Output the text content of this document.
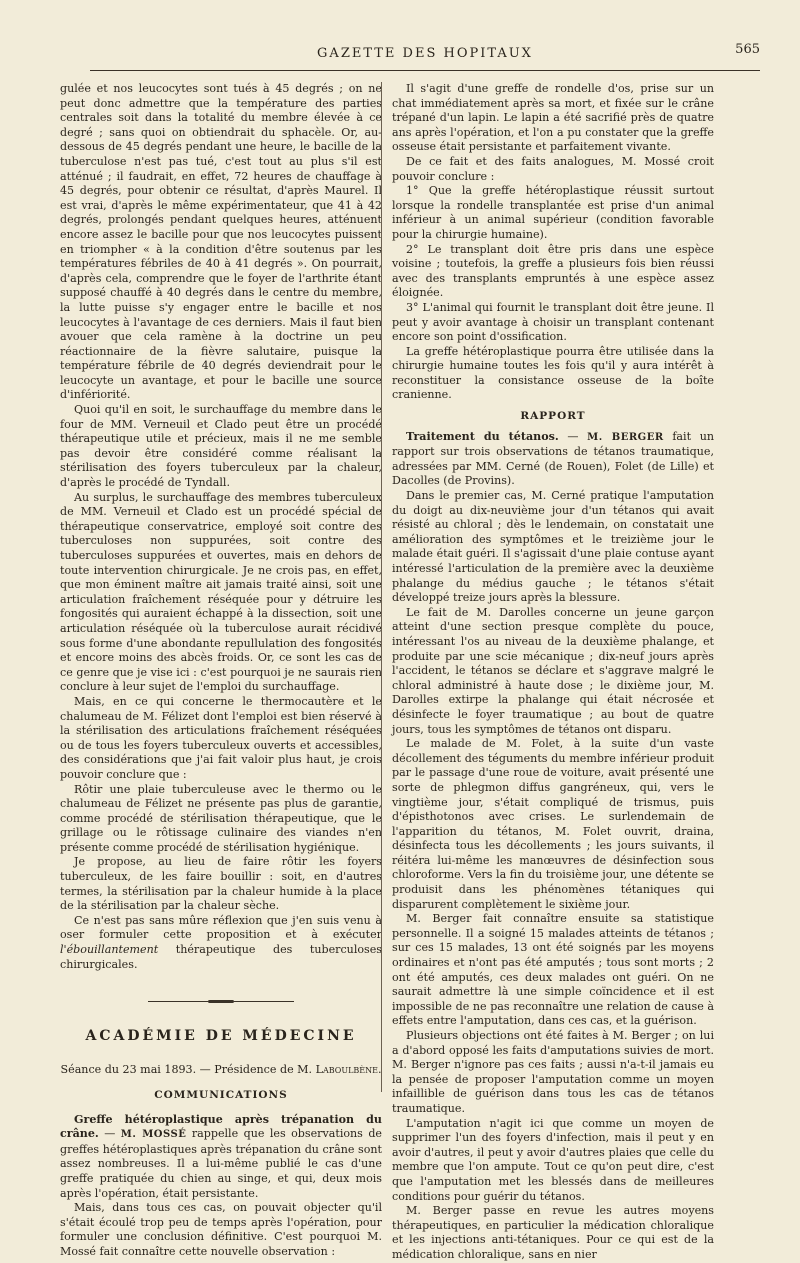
GAZETTE DES HOPITAUX	565

gulée et nos leucocytes sont tués à 45 degrés ; on ne peut donc admettre que la température des parties centrales soit dans la totalité du membre élevée à ce degré ; sans quoi on obtiendrait du sphacèle. Or, au-dessous de 45 degrés pendant une heure, le bacille de la tuberculose n'est pas tué, c'est tout au plus s'il est atténué ; il faudrait, en effet, 72 heures de chauffage à 45 degrés, pour obtenir ce résultat, d'après Maurel. Il est vrai, d'après le même expérimentateur, que 41 à 42 degrés, prolongés pendant quelques heures, atténuent encore assez le bacille pour que nos leucocytes puissent en triompher « à la condition d'être soutenus par les températures fébriles de 40 à 41 degrés ». On pourrait, d'après cela, comprendre que le foyer de l'arthrite étant supposé chauffé à 40 degrés dans le centre du membre, la lutte puisse s'y engager entre le bacille et nos leucocytes à l'avantage de ces derniers. Mais il faut bien avouer que cela ramène à la doctrine un peu réactionnaire de la fièvre salutaire, puisque la température fébrile de 40 degrés deviendrait pour le leucocyte un avantage, et pour le bacille une source d'infériorité.

Quoi qu'il en soit, le surchauffage du membre dans le four de MM. Verneuil et Clado peut être un procédé thérapeutique utile et précieux, mais il ne me semble pas devoir être considéré comme réalisant la stérilisation des foyers tuberculeux par la chaleur, d'après le procédé de Tyndall.

Au surplus, le surchauffage des membres tuberculeux de MM. Verneuil et Clado est un procédé spécial de thérapeutique conservatrice, employé soit contre des tuberculoses non suppurées, soit contre des tuberculoses suppurées et ouvertes, mais en dehors de toute intervention chirurgicale. Je ne crois pas, en effet, que mon éminent maître ait jamais traité ainsi, soit une articulation fraîchement réséquée pour y détruire les fongosités qui auraient échappé à la dissection, soit une articulation réséquée où la tuberculose aurait récidivé sous forme d'une abondante repullulation des fongosités et encore moins des abcès froids. Or, ce sont les cas de ce genre que je vise ici : c'est pourquoi je ne saurais rien conclure à leur sujet de l'emploi du surchauffage.

Mais, en ce qui concerne le thermocautère et le chalumeau de M. Félizet dont l'emploi est bien réservé à la stérilisation des articulations fraîchement réséquées ou de tous les foyers tuberculeux ouverts et accessibles, des considérations que j'ai fait valoir plus haut, je crois pouvoir conclure que :

Rôtir une plaie tuberculeuse avec le thermo ou le chalumeau de Félizet ne présente pas plus de garantie, comme procédé de stérilisation thérapeutique, que le grillage ou le rôtissage culinaire des viandes n'en présente comme procédé de stérilisation hygiénique.

Je propose, au lieu de faire rôtir les foyers tuberculeux, de les faire bouillir : soit, en d'autres termes, la stérilisation par la chaleur humide à la place de la stérilisation par la chaleur sèche.

Ce n'est pas sans mûre réflexion que j'en suis venu à oser formuler cette proposition et à exécuter l'ébouillantement thérapeutique des tuberculoses chirurgicales.

ACADÉMIE DE MÉDECINE

Séance du 23 mai 1893. — Présidence de M. Laboulbène.

COMMUNICATIONS

Greffe hétéroplastique après trépanation du crâne. — M. MOSSÉ rappelle que les observations de greffes hétéroplastiques après trépanation du crâne sont assez nombreuses. Il a lui-même publié le cas d'une greffe pratiquée du chien au singe, et qui, deux mois après l'opération, était persistante.

Mais, dans tous ces cas, on pouvait objecter qu'il s'était écoulé trop peu de temps après l'opération, pour formuler une conclusion définitive. C'est pourquoi M. Mossé fait connaître cette nouvelle observation :

Il s'agit d'une greffe de rondelle d'os, prise sur un chat immédiatement après sa mort, et fixée sur le crâne trépané d'un lapin. Le lapin a été sacrifié près de quatre ans après l'opération, et l'on a pu constater que la greffe osseuse était persistante et parfaitement vivante.

De ce fait et des faits analogues, M. Mossé croit pouvoir conclure :

1° Que la greffe hétéroplastique réussit surtout lorsque la rondelle transplantée est prise d'un animal inférieur à un animal supérieur (condition favorable pour la chirurgie humaine).

2° Le transplant doit être pris dans une espèce voisine ; toutefois, la greffe a plusieurs fois bien réussi avec des transplants empruntés à une espèce assez éloignée.

3° L'animal qui fournit le transplant doit être jeune. Il peut y avoir avantage à choisir un transplant contenant encore son point d'ossification.

La greffe hétéroplastique pourra être utilisée dans la chirurgie humaine toutes les fois qu'il y aura intérêt à reconstituer la consistance osseuse de la boîte cranienne.

RAPPORT

Traitement du tétanos. — M. BERGER fait un rapport sur trois observations de tétanos traumatique, adressées par MM. Cerné (de Rouen), Folet (de Lille) et Dacolles (de Provins).

Dans le premier cas, M. Cerné pratique l'amputation du doigt au dix-neuvième jour d'un tétanos qui avait résisté au chloral ; dès le lendemain, on constatait une amélioration des symptômes et le treizième jour le malade était guéri. Il s'agissait d'une plaie contuse ayant intéressé l'articulation de la première avec la deuxième phalange du médius gauche ; le tétanos s'était développé treize jours après la blessure.

Le fait de M. Darolles concerne un jeune garçon atteint d'une section presque complète du pouce, intéressant l'os au niveau de la deuxième phalange, et produite par une scie mécanique ; dix-neuf jours après l'accident, le tétanos se déclare et s'aggrave malgré le chloral administré à haute dose ; le dixième jour, M. Darolles extirpe la phalange qui était nécrosée et désinfecte le foyer traumatique ; au bout de quatre jours, tous les symptômes de tétanos ont disparu.

Le malade de M. Folet, à la suite d'un vaste décollement des téguments du membre inférieur produit par le passage d'une roue de voiture, avait présenté une sorte de phlegmon diffus gangréneux, qui, vers le vingtième jour, s'était compliqué de trismus, puis d'épisthotonos avec crises. Le surlendemain de l'apparition du tétanos, M. Folet ouvrit, draina, désinfecta tous les décollements ; les jours suivants, il réitéra lui-même les manœuvres de désinfection sous chloroforme. Vers la fin du troisième jour, une détente se produisit dans les phénomènes tétaniques qui disparurent complètement le sixième jour.

M. Berger fait connaître ensuite sa statistique personnelle. Il a soigné 15 malades atteints de tétanos ; sur ces 15 malades, 13 ont été soignés par les moyens ordinaires et n'ont pas été amputés ; tous sont morts ; 2 ont été amputés, ces deux malades ont guéri. On ne saurait admettre là une simple coïncidence et il est impossible de ne pas reconnaître une relation de cause à effets entre l'amputation, dans ces cas, et la guérison.

Plusieurs objections ont été faites à M. Berger ; on lui a d'abord opposé les faits d'amputations suivies de mort. M. Berger n'ignore pas ces faits ; aussi n'a-t-il jamais eu la pensée de proposer l'amputation comme un moyen infaillible de guérison dans tous les cas de tétanos traumatique.

L'amputation n'agit ici que comme un moyen de supprimer l'un des foyers d'infection, mais il peut y en avoir d'autres, il peut y avoir d'autres plaies que celle du membre que l'on ampute. Tout ce qu'on peut dire, c'est que l'amputation met les blessés dans de meilleures conditions pour guérir du tétanos.

M. Berger passe en revue les autres moyens thérapeutiques, en particulier la médication chloralique et les injections anti-tétaniques. Pour ce qui est de la médication chloralique, sans en nier
